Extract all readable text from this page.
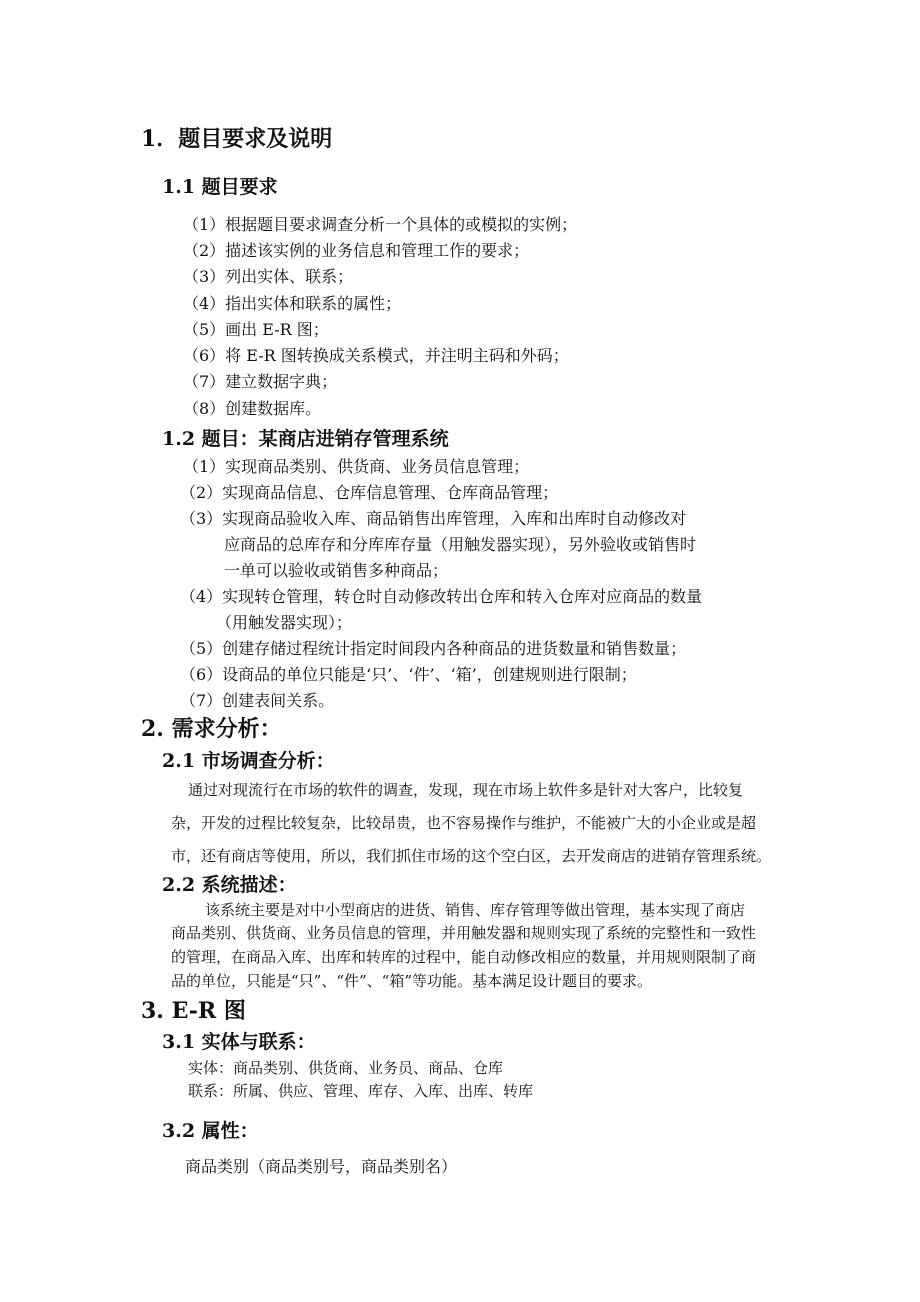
1．题目要求及说明
1.1 题目要求
（1）根据题目要求调查分析一个具体的或模拟的实例；
（2）描述该实例的业务信息和管理工作的要求；
（3）列出实体、联系；
（4）指出实体和联系的属性；
（5）画出 E-R 图；
（6）将 E-R 图转换成关系模式，并注明主码和外码；
（7）建立数据字典；
（8）创建数据库。
1.2 题目：某商店进销存管理系统
（1）实现商品类别、供货商、业务员信息管理；
（2）实现商品信息、仓库信息管理、仓库商品管理；
（3）实现商品验收入库、商品销售出库管理，入库和出库时自动修改对
应商品的总库存和分库库存量（用触发器实现），另外验收或销售时
一单可以验收或销售多种商品；
（4）实现转仓管理，转仓时自动修改转出仓库和转入仓库对应商品的数量
（用触发器实现）；
（5）创建存储过程统计指定时间段内各种商品的进货数量和销售数量；
（6）设商品的单位只能是‘只’、‘件’、‘箱’，创建规则进行限制；
（7）创建表间关系。
2. 需求分析：
2.1 市场调查分析：
通过对现流行在市场的软件的调查，发现，现在市场上软件多是针对大客户，比较复
杂，开发的过程比较复杂，比较昂贵，也不容易操作与维护，不能被广大的小企业或是超
市，还有商店等使用，所以，我们抓住市场的这个空白区，去开发商店的进销存管理系统。
2.2 系统描述：
该系统主要是对中小型商店的进货、销售、库存管理等做出管理，基本实现了商店
商品类别、供货商、业务员信息的管理，并用触发器和规则实现了系统的完整性和一致性
的管理，在商品入库、出库和转库的过程中，能自动修改相应的数量，并用规则限制了商
品的单位，只能是“只”、“件”、“箱”等功能。基本满足设计题目的要求。
3. E-R 图
3.1 实体与联系：
实体：商品类别、供货商、业务员、商品、仓库
联系：所属、供应、管理、库存、入库、出库、转库
3.2 属性：
商品类别（商品类别号，商品类别名）
